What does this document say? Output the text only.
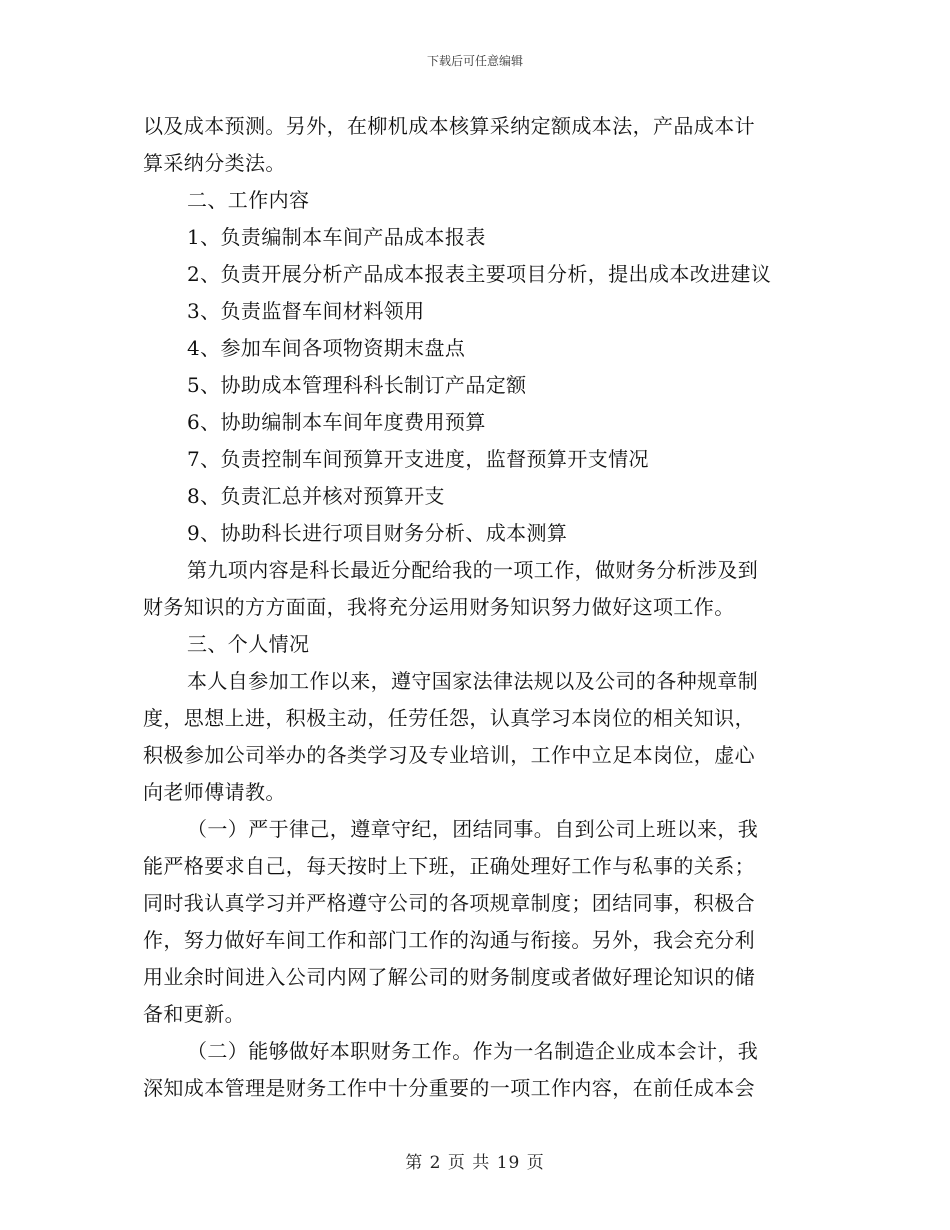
下载后可任意编辑
以及成本预测。另外，在柳机成本核算采纳定额成本法，产品成本计
算采纳分类法。
二、工作内容
1、负责编制本车间产品成本报表
2、负责开展分析产品成本报表主要项目分析，提出成本改进建议
3、负责监督车间材料领用
4、参加车间各项物资期末盘点
5、协助成本管理科科长制订产品定额
6、协助编制本车间年度费用预算
7、负责控制车间预算开支进度，监督预算开支情况
8、负责汇总并核对预算开支
9、协助科长进行项目财务分析、成本测算
第九项内容是科长最近分配给我的一项工作，做财务分析涉及到
财务知识的方方面面，我将充分运用财务知识努力做好这项工作。
三、个人情况
本人自参加工作以来，遵守国家法律法规以及公司的各种规章制
度，思想上进，积极主动，任劳任怨，认真学习本岗位的相关知识，
积极参加公司举办的各类学习及专业培训，工作中立足本岗位，虚心
向老师傅请教。
（一）严于律己，遵章守纪，团结同事。自到公司上班以来，我
能严格要求自己，每天按时上下班，正确处理好工作与私事的关系；
同时我认真学习并严格遵守公司的各项规章制度；团结同事，积极合
作，努力做好车间工作和部门工作的沟通与衔接。另外，我会充分利
用业余时间进入公司内网了解公司的财务制度或者做好理论知识的储
备和更新。
（二）能够做好本职财务工作。作为一名制造企业成本会计，我
深知成本管理是财务工作中十分重要的一项工作内容，在前任成本会
第 2 页 共 19 页
